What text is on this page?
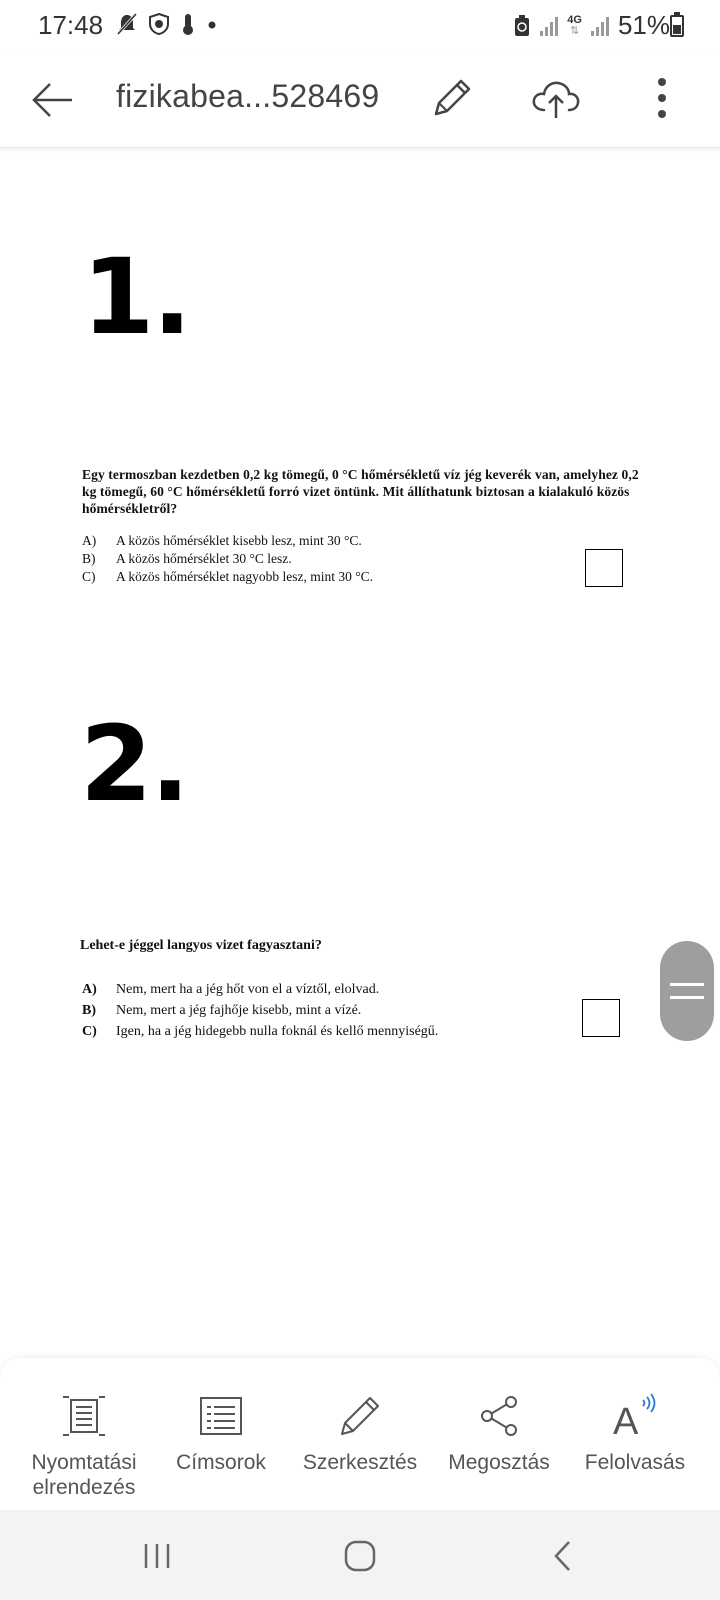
17:48	4G
⇅ 51%
fizikabea...528469
1.
Egy termoszban kezdetben 0,2 kg tömegű, 0 °C hőmérsékletű víz jég keverék van, amelyhez 0,2 kg tömegű, 60 °C hőmérsékletű forró vizet öntünk. Mit állíthatunk biztosan a kialakuló közös hőmérsékletről?
A)	A közös hőmérséklet kisebb lesz, mint 30 °C.
B)	A közös hőmérséklet 30 °C lesz.
C)	A közös hőmérséklet nagyobb lesz, mint 30 °C.
2.
Lehet-e jéggel langyos vizet fagyasztani?
A)	Nem, mert ha a jég hőt von el a víztől, elolvad.
B)	Nem, mert a jég fajhője kisebb, mint a vízé.
C)	Igen, ha a jég hidegebb nulla foknál és kellő mennyiségű.
Nyomtatási
elrendezés
Címsorok	Szerkesztés	Megosztás
A
Felolvasás
